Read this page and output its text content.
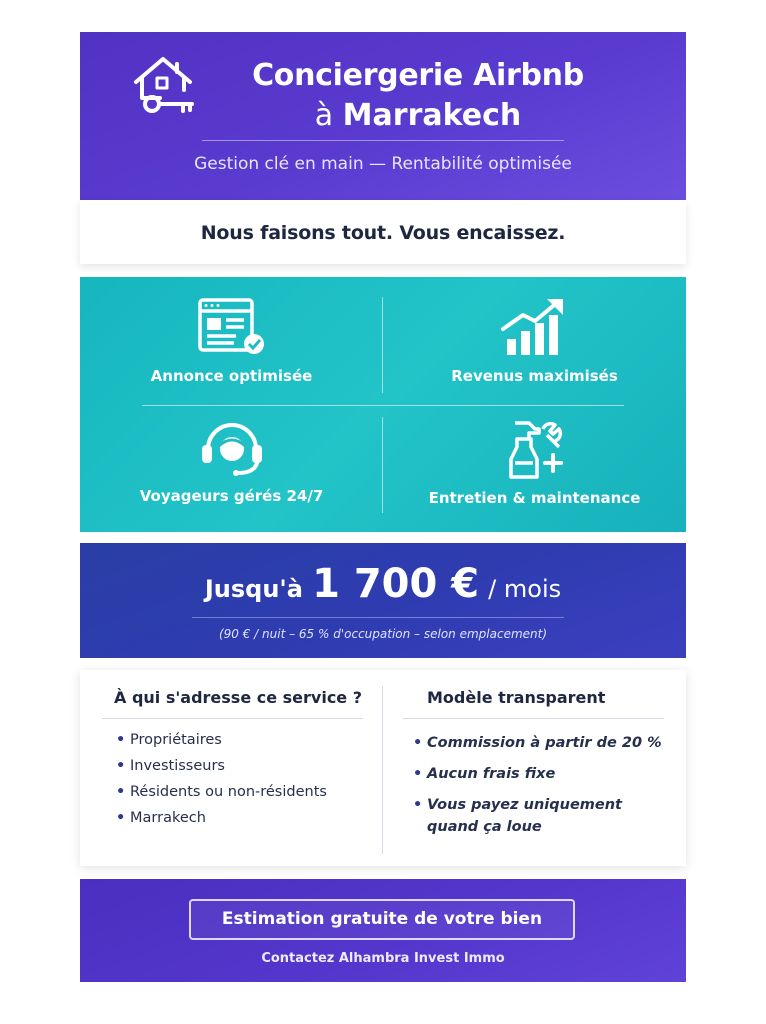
Conciergerie Airbnb
à Marrakech
Gestion clé en main — Rentabilité optimisée
Nous faisons tout. Vous encaissez.
Annonce optimisée	Revenus maximisés
Voyageurs gérés 24/7	Entretien & maintenance
Jusqu'à 1 700 € / mois
(90 € / nuit – 65 % d'occupation – selon emplacement)
À qui s'adresse ce service ?
• Propriétaires
• Investisseurs
• Résidents ou non-résidents
• Marrakech
Modèle transparent
• Commission à partir de 20 %
• Aucun frais fixe
• Vous payez uniquement quand ça loue
Estimation gratuite de votre bien
Contactez Alhambra Invest Immo
